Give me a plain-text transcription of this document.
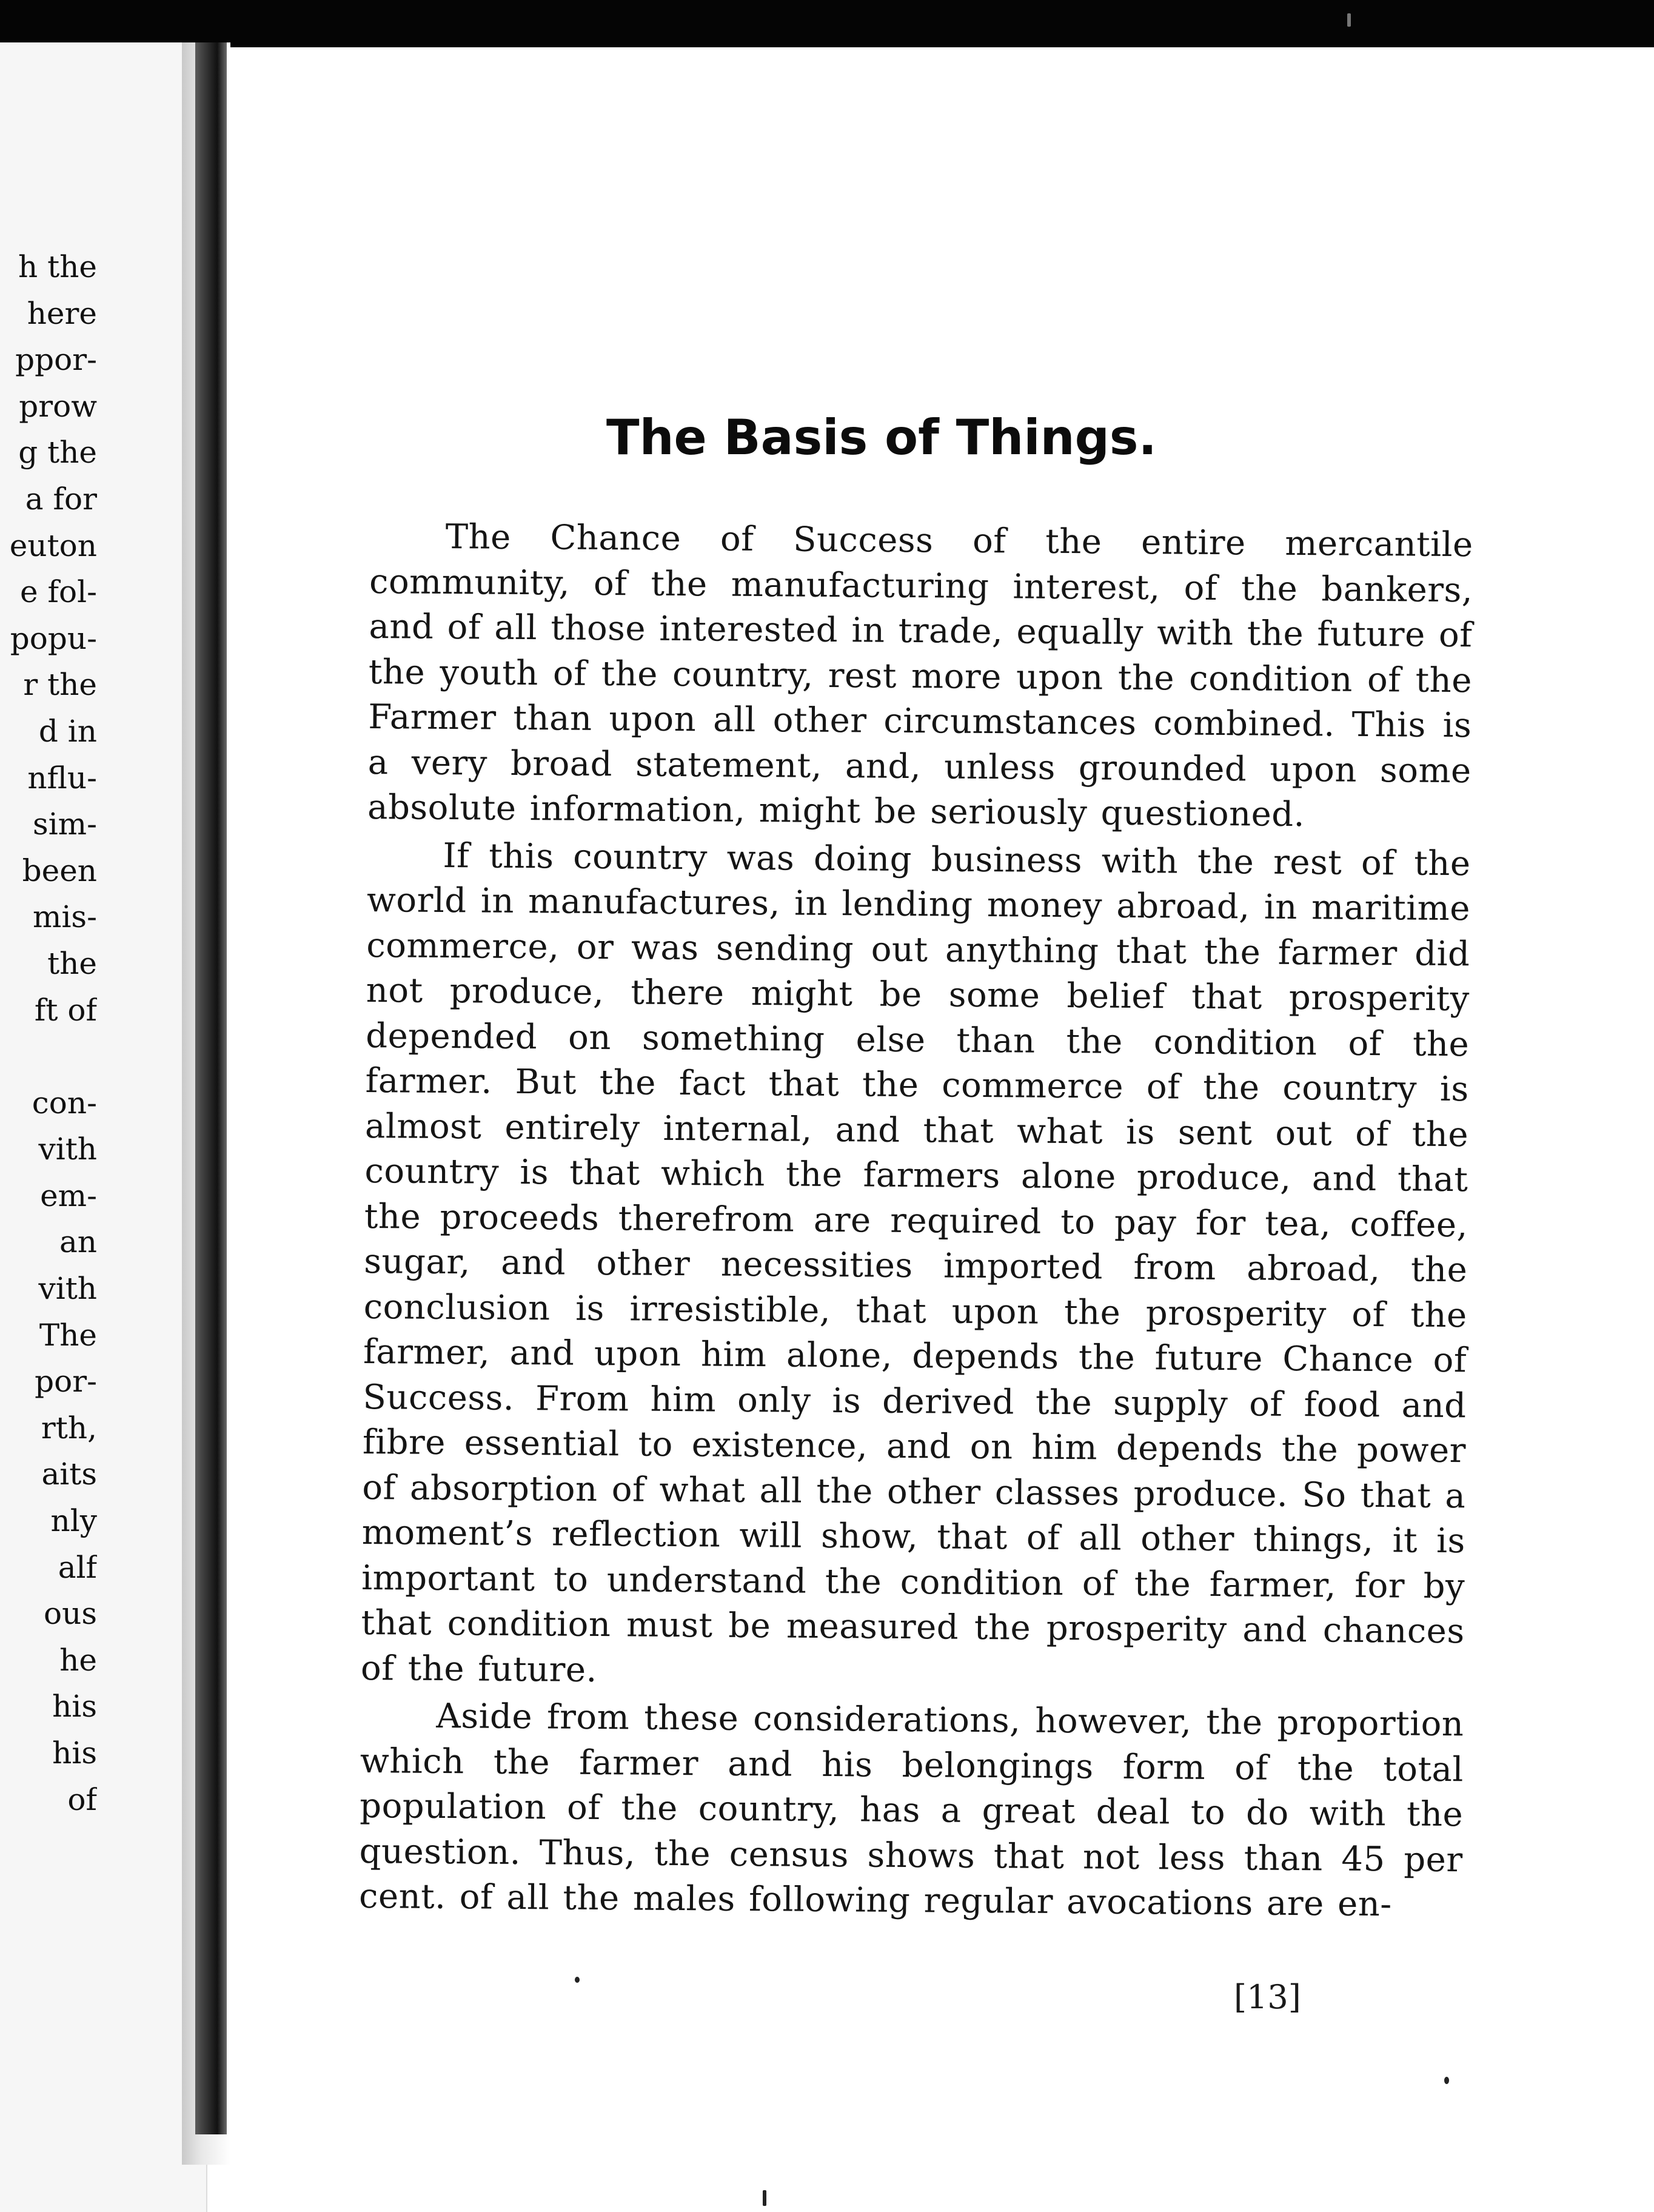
h the
here
ppor-
prow
g the
a for
euton
e fol-
popu-
r the
d in
nflu-
sim-
been
mis-
the
ft of
con-
vith
em-
an
vith
The
por-
rth,
aits
nly
alf
ous
he
his
his
of
The Basis of Things.

The Chance of Success of the entire mercantile community, of the manufacturing interest, of the bankers, and of all those interested in trade, equally with the future of the youth of the country, rest more upon the condition of the Farmer than upon all other circumstances combined. This is a very broad statement, and, unless grounded upon some absolute information, might be seriously questioned.

If this country was doing business with the rest of the world in manufactures, in lending money abroad, in maritime commerce, or was sending out anything that the farmer did not produce, there might be some belief that prosperity depended on something else than the condition of the farmer. But the fact that the commerce of the country is almost entirely internal, and that what is sent out of the country is that which the farmers alone produce, and that the proceeds therefrom are required to pay for tea, coffee, sugar, and other necessities imported from abroad, the conclusion is irresistible, that upon the prosperity of the farmer, and upon him alone, depends the future Chance of Success. From him only is derived the supply of food and fibre essential to existence, and on him depends the power of absorption of what all the other classes produce. So that a moment’s reflection will show, that of all other things, it is important to understand the condition of the farmer, for by that condition must be measured the prosperity and chances of the future.

Aside from these considerations, however, the proportion which the farmer and his belongings form of the total population of the country, has a great deal to do with the question. Thus, the census shows that not less than 45 per cent. of all the males following regular avocations are en-

[13]
